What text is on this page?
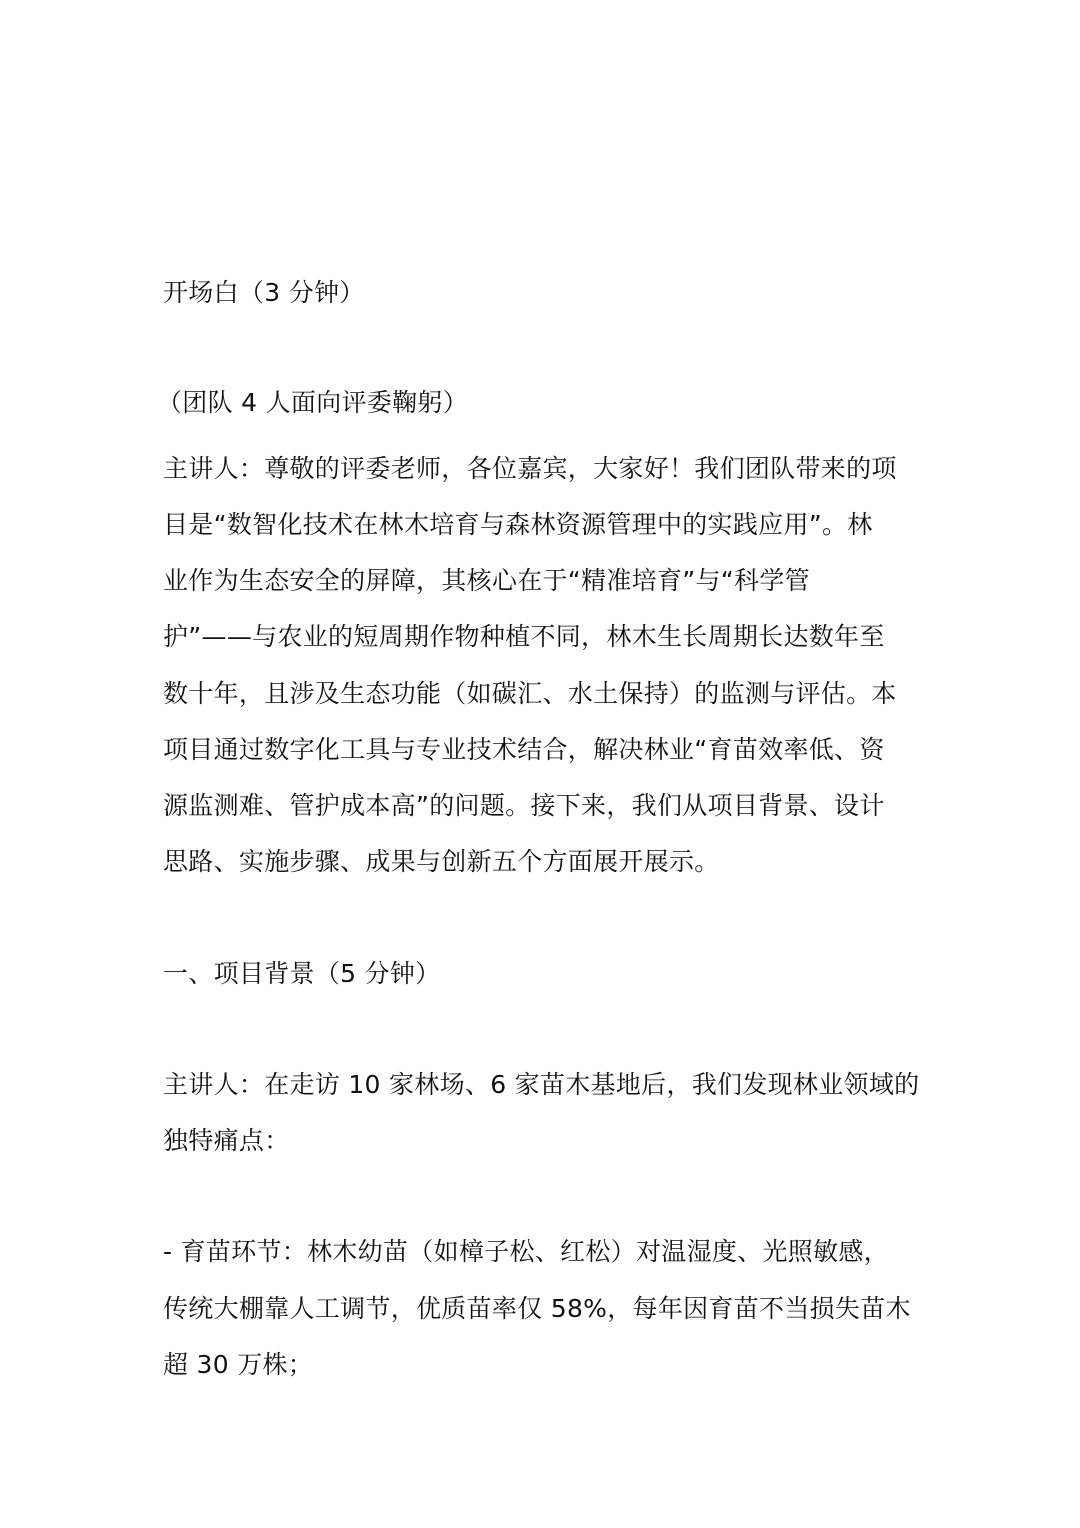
开场白（3 分钟）

（团队 4 人面向评委鞠躬）

主讲人：尊敬的评委老师，各位嘉宾，大家好！我们团队带来的项

目是“数智化技术在林木培育与森林资源管理中的实践应用”。林

业作为生态安全的屏障，其核心在于“精准培育”与“科学管

护”——与农业的短周期作物种植不同，林木生长周期长达数年至

数十年，且涉及生态功能（如碳汇、水土保持）的监测与评估。本

项目通过数字化工具与专业技术结合，解决林业“育苗效率低、资

源监测难、管护成本高”的问题。接下来，我们从项目背景、设计

思路、实施步骤、成果与创新五个方面展开展示。

一、项目背景（5 分钟）

主讲人：在走访 10 家林场、6 家苗木基地后，我们发现林业领域的

独特痛点：

- 育苗环节：林木幼苗（如樟子松、红松）对温湿度、光照敏感，

传统大棚靠人工调节，优质苗率仅 58%，每年因育苗不当损失苗木

超 30 万株；
